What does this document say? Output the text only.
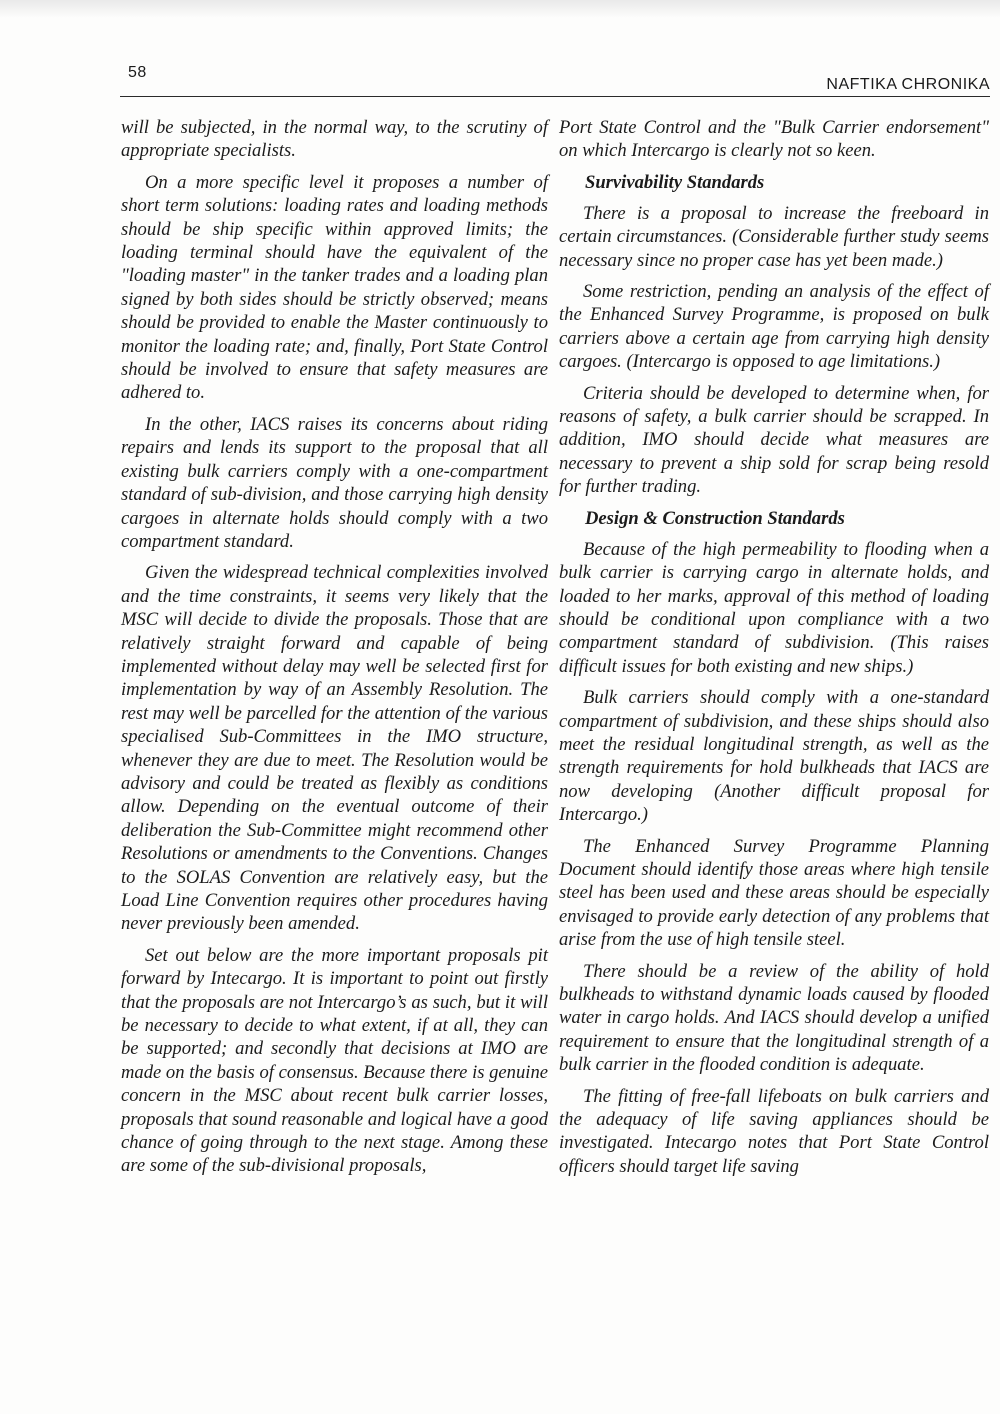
58
NAFTIKA CHRONIKA

will be subjected, in the normal way, to the scrutiny of appropriate specialists.

On a more specific level it proposes a number of short term solutions: loading rates and loading methods should be ship specific within approved limits; the loading terminal should have the equivalent of the "loading master" in the tanker trades and a loading plan signed by both sides should be strictly observed; means should be provided to enable the Master continuously to monitor the loading rate; and, finally, Port State Control should be involved to ensure that safety measures are adhered to.

In the other, IACS raises its concerns about riding repairs and lends its support to the proposal that all existing bulk carriers comply with a one-compartment standard of sub-division, and those carrying high density cargoes in alternate holds should comply with a two compartment standard.

Given the widespread technical complexities involved and the time constraints, it seems very likely that the MSC will decide to divide the proposals. Those that are relatively straight forward and capable of being implemented without delay may well be selected first for implementation by way of an Assembly Resolution. The rest may well be parcelled for the attention of the various specialised Sub-Committees in the IMO structure, whenever they are due to meet. The Resolution would be advisory and could be treated as flexibly as conditions allow. Depending on the eventual outcome of their deliberation the Sub-Committee might recommend other Resolutions or amendments to the Conventions. Changes to the SOLAS Convention are relatively easy, but the Load Line Convention requires other procedures having never previously been amended.

Set out below are the more important proposals pit forward by Intecargo. It is important to point out firstly that the proposals are not Intercargo’s as such, but it will be necessary to decide to what extent, if at all, they can be supported; and secondly that decisions at IMO are made on the basis of consensus. Because there is genuine concern in the MSC about recent bulk carrier losses, proposals that sound reasonable and logical have a good chance of going through to the next stage. Among these are some of the sub-divisional proposals,

Port State Control and the "Bulk Carrier endorsement" on which Intercargo is clearly not so keen.

Survivability Standards

There is a proposal to increase the freeboard in certain circumstances. (Considerable further study seems necessary since no proper case has yet been made.)

Some restriction, pending an analysis of the effect of the Enhanced Survey Programme, is proposed on bulk carriers above a certain age from carrying high density cargoes. (Intercargo is opposed to age limitations.)

Criteria should be developed to determine when, for reasons of safety, a bulk carrier should be scrapped. In addition, IMO should decide what measures are necessary to prevent a ship sold for scrap being resold for further trading.

Design & Construction Standards

Because of the high permeability to flooding when a bulk carrier is carrying cargo in alternate holds, and loaded to her marks, approval of this method of loading should be conditional upon compliance with a two compartment standard of subdivision. (This raises difficult issues for both existing and new ships.)

Bulk carriers should comply with a one-standard compartment of subdivision, and these ships should also meet the residual longitudinal strength, as well as the strength requirements for hold bulkheads that IACS are now developing (Another difficult proposal for Intercargo.)

The Enhanced Survey Programme Planning Document should identify those areas where high tensile steel has been used and these areas should be especially envisaged to provide early detection of any problems that arise from the use of high tensile steel.

There should be a review of the ability of hold bulkheads to withstand dynamic loads caused by flooded water in cargo holds. And IACS should develop a unified requirement to ensure that the longitudinal strength of a bulk carrier in the flooded condition is adequate.

The fitting of free-fall lifeboats on bulk carriers and the adequacy of life saving appliances should be investigated. Intecargo notes that Port State Control officers should target life saving
